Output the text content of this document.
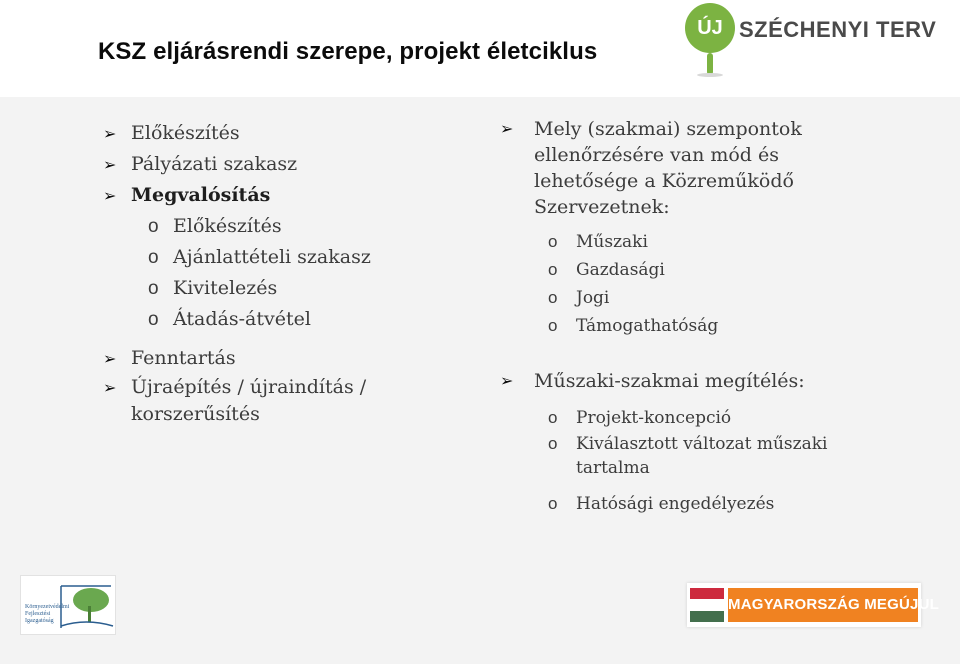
KSZ eljárásrendi szerepe, projekt életciklus
ÚJ SZÉCHENYI TERV
➢ Előkészítés
➢ Pályázati szakasz
➢ Megvalósítás
o Előkészítés
o Ajánlattételi szakasz
o Kivitelezés
o Átadás-átvétel
➢ Fenntartás
➢ Újraépítés / újraindítás / korszerűsítés
➢ Mely (szakmai) szempontok ellenőrzésére van mód és lehetősége a Közreműködő Szervezetnek:
o Műszaki
o Gazdasági
o Jogi
o Támogathatóság
➢ Műszaki-szakmai megítélés:
o Projekt-koncepció
o Kiválasztott változat műszaki tartalma
o Hatósági engedélyezés
Környezetvédelmi
Fejlesztési
Igazgatóság
MAGYARORSZÁG MEGÚJUL
